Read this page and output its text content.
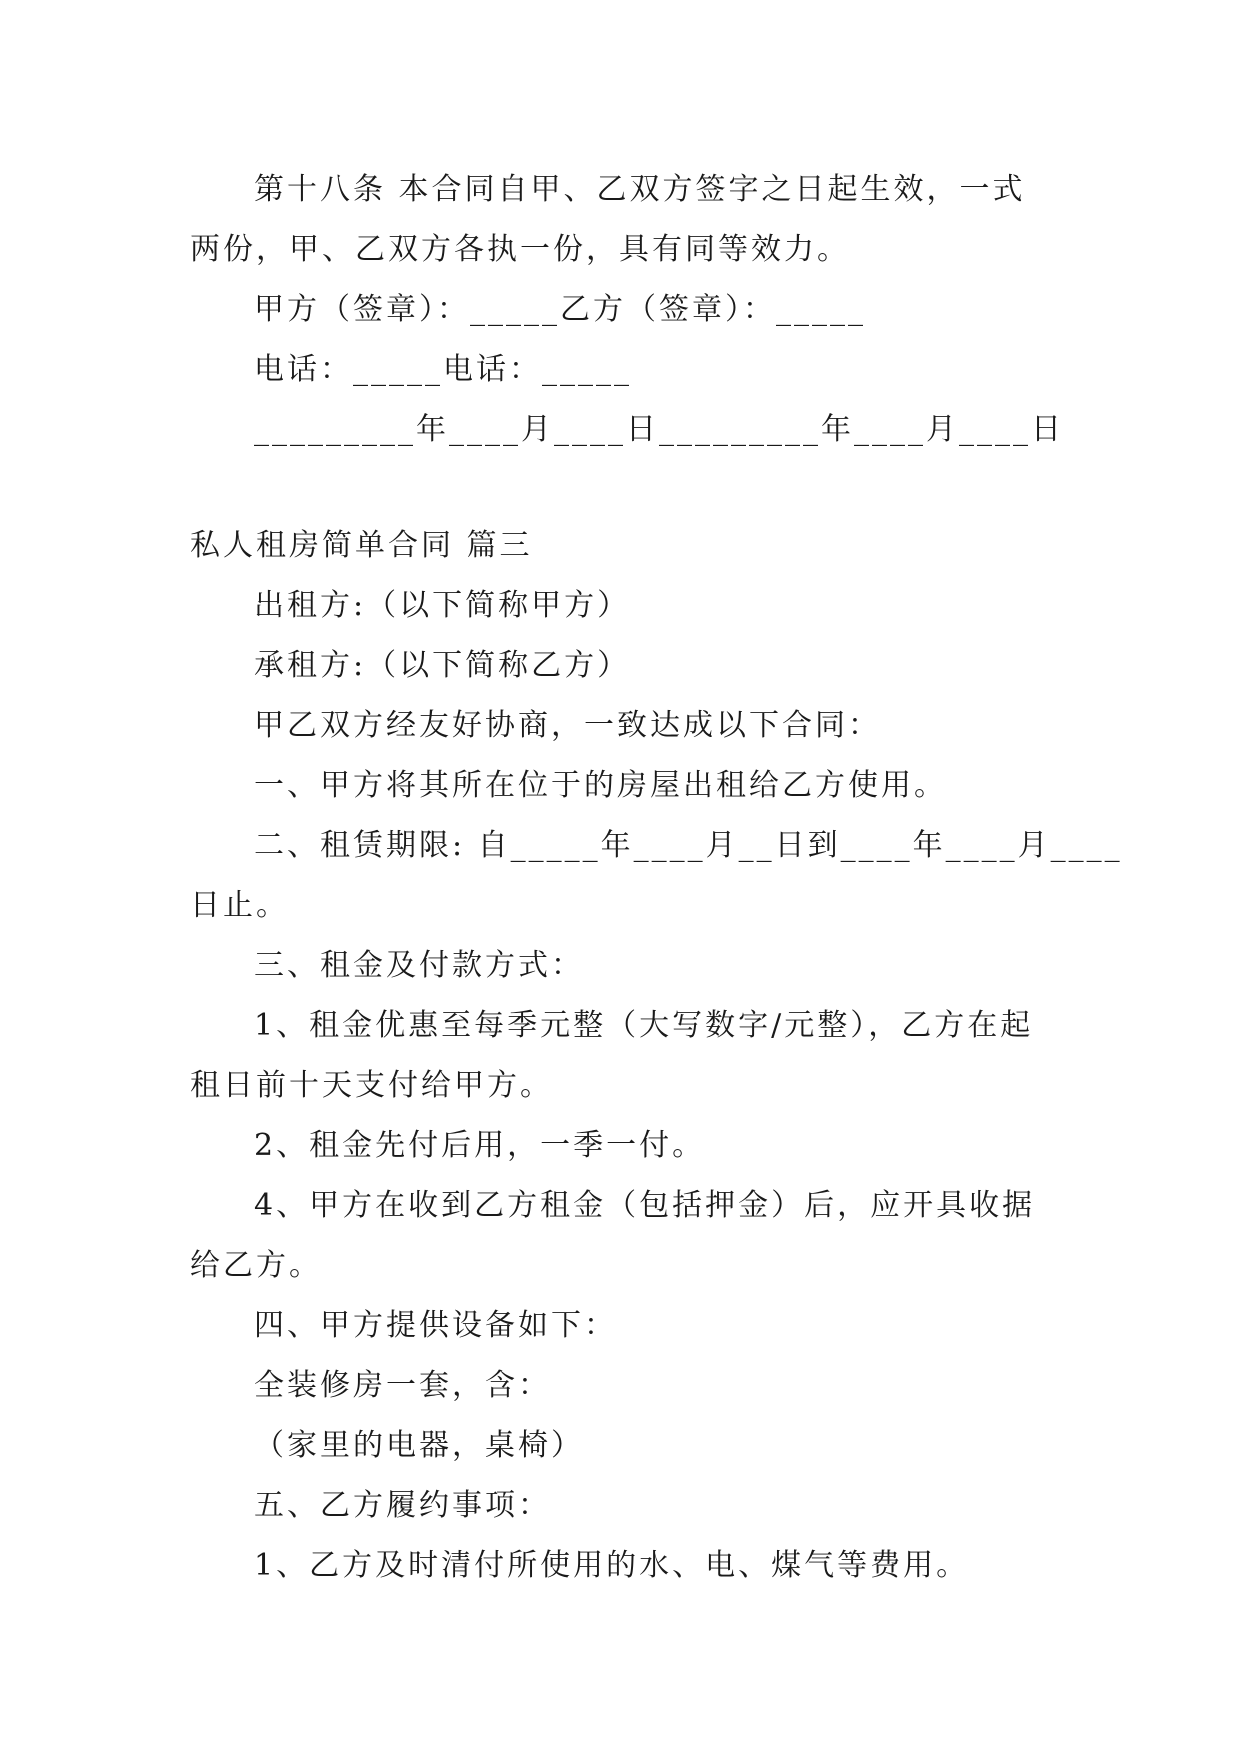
第十八条 本合同自甲、乙双方签字之日起生效，一式
两份，甲、乙双方各执一份，具有同等效力。
甲方（签章）：_____乙方（签章）：_____
电话：_____电话：_____
_________年____月____日_________年____月____日
私人租房简单合同 篇三
出租方:（以下简称甲方）
承租方:（以下简称乙方）
甲乙双方经友好协商，一致达成以下合同：
一、甲方将其所在位于的房屋出租给乙方使用。
二、租赁期限: 自_____年____月__日到____年____月____
日止。
三、租金及付款方式：
1、租金优惠至每季元整（大写数字/元整），乙方在起
租日前十天支付给甲方。
2、租金先付后用，一季一付。
4、甲方在收到乙方租金（包括押金）后，应开具收据
给乙方。
四、甲方提供设备如下：
全装修房一套，含：
（家里的电器，桌椅）
五、乙方履约事项：
1、乙方及时清付所使用的水、电、煤气等费用。
